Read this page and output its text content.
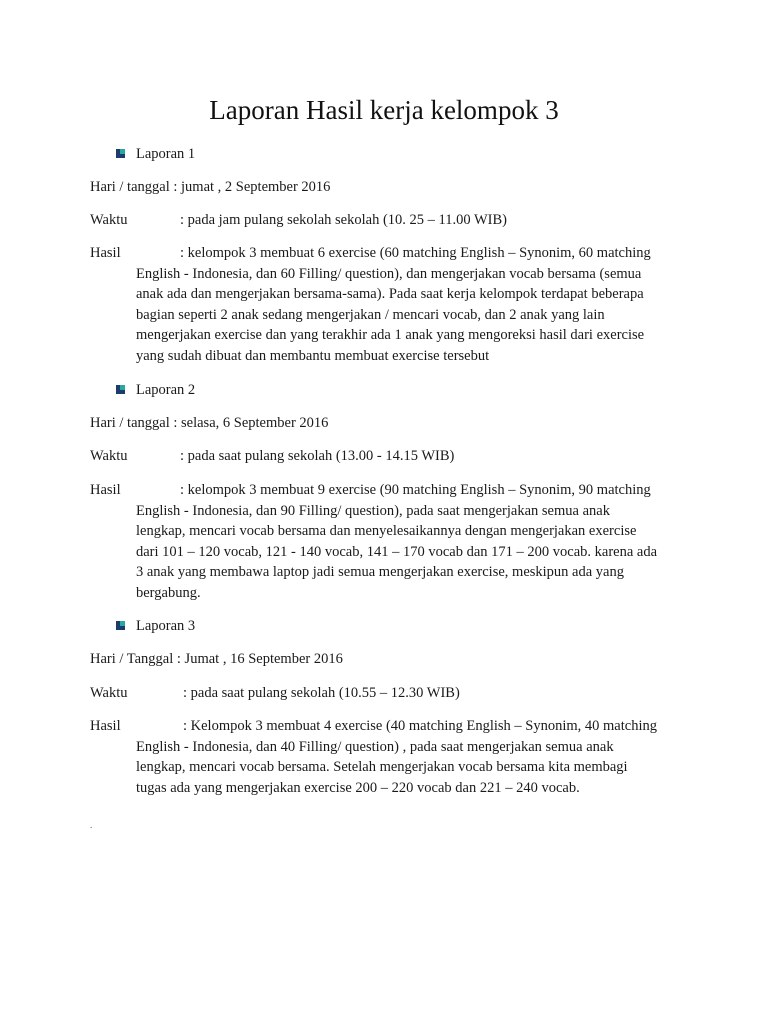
Laporan Hasil kerja kelompok 3
Laporan 1
Hari / tanggal : jumat , 2 September 2016
Waktu	: pada jam pulang sekolah sekolah (10. 25 – 11.00 WIB)
Hasil	: kelompok 3 membuat 6 exercise (60 matching English – Synonim, 60 matching
English - Indonesia, dan 60 Filling/ question), dan mengerjakan vocab bersama (semua
anak ada dan mengerjakan bersama-sama). Pada saat kerja kelompok terdapat beberapa
bagian seperti 2 anak sedang mengerjakan / mencari vocab, dan 2 anak yang lain
mengerjakan exercise dan yang terakhir ada 1 anak yang mengoreksi hasil dari exercise
yang sudah dibuat dan membantu membuat exercise tersebut
Laporan 2
Hari / tanggal : selasa, 6 September 2016
Waktu	: pada saat pulang sekolah (13.00 - 14.15 WIB)
Hasil	: kelompok 3 membuat 9 exercise (90 matching English – Synonim, 90 matching
English - Indonesia, dan 90 Filling/ question), pada saat mengerjakan semua anak
lengkap, mencari vocab bersama dan menyelesaikannya dengan mengerjakan exercise
dari 101 – 120 vocab, 121 - 140 vocab, 141 – 170 vocab dan 171 – 200 vocab. karena ada
3 anak yang membawa laptop jadi semua mengerjakan exercise, meskipun ada yang
bergabung.
Laporan 3
Hari / Tanggal : Jumat , 16 September 2016
Waktu	: pada saat pulang sekolah (10.55 – 12.30 WIB)
Hasil	: Kelompok 3 membuat 4 exercise (40 matching English – Synonim, 40 matching
English - Indonesia, dan 40 Filling/ question) , pada saat mengerjakan semua anak
lengkap, mencari vocab bersama. Setelah mengerjakan vocab bersama kita membagi
tugas ada yang mengerjakan exercise 200 – 220 vocab dan 221 – 240 vocab.
.
